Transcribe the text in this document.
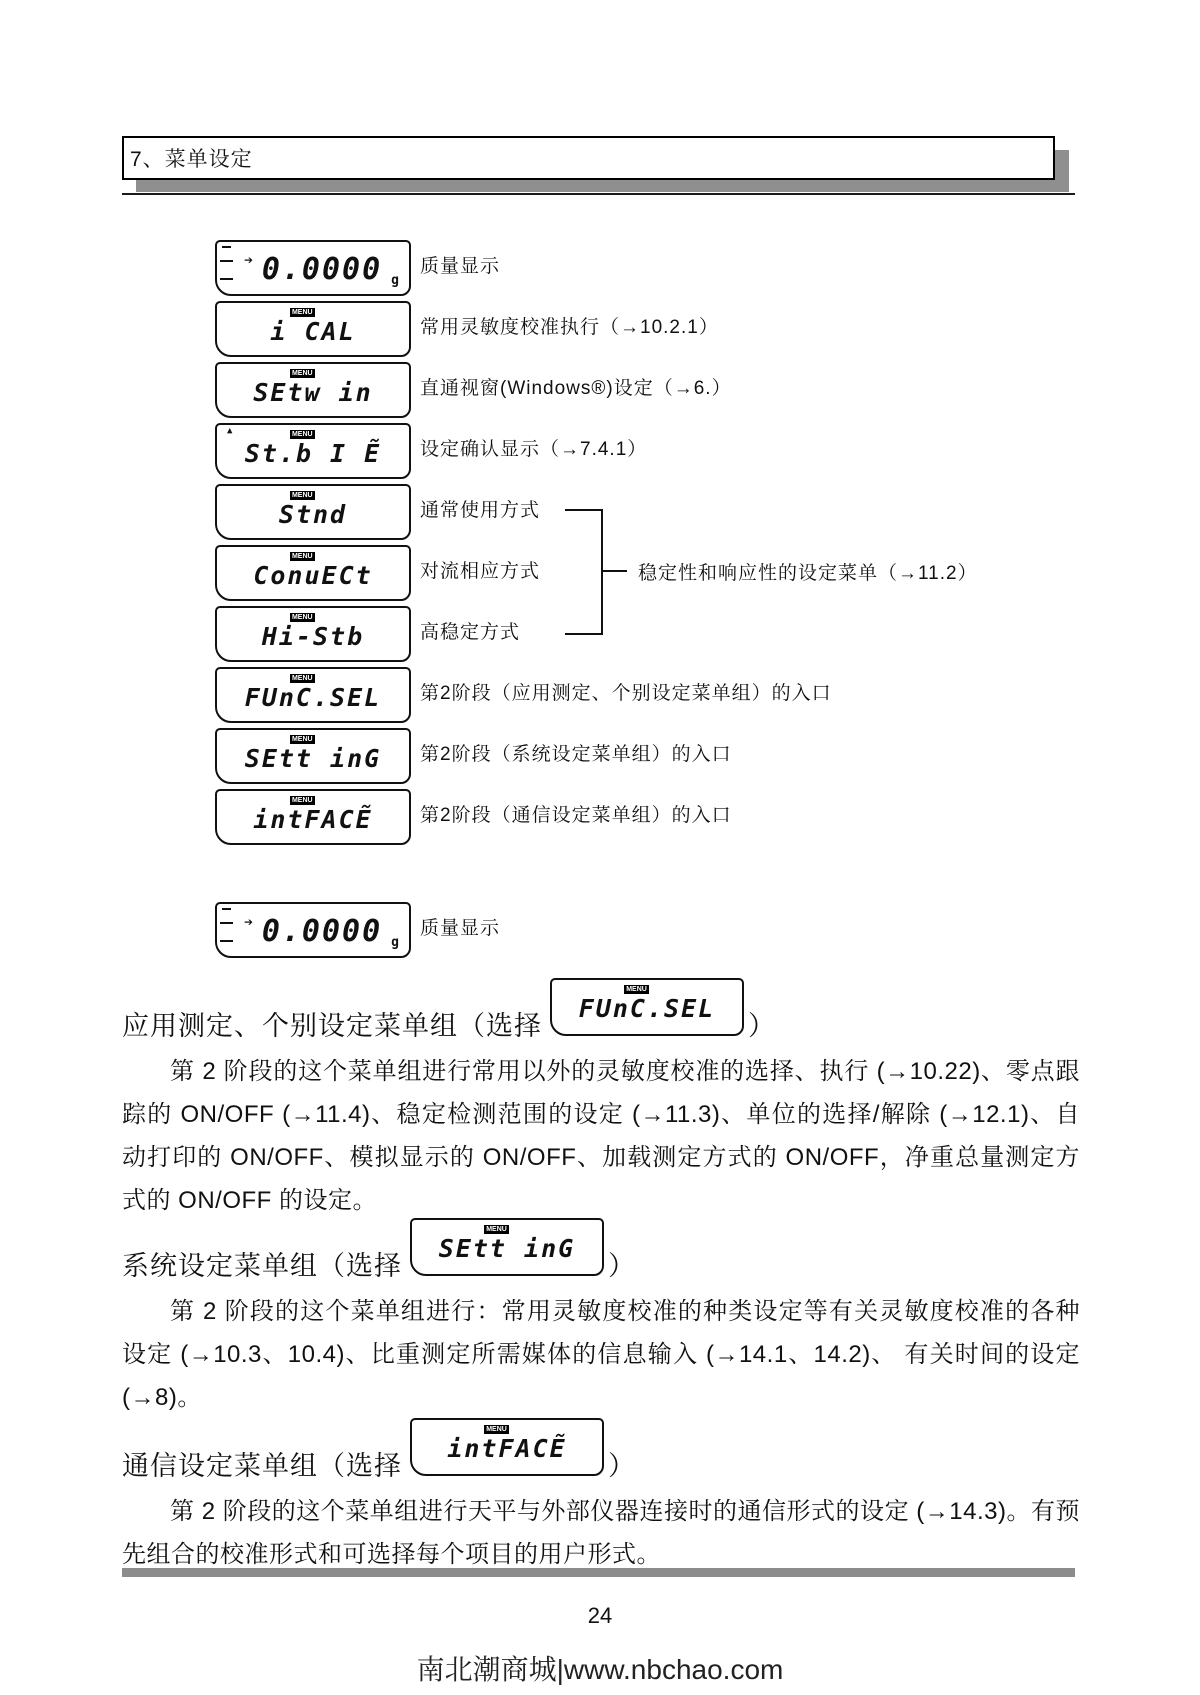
7、菜单设定
➔ 0.0000 g
质量显示
MENU
i CAL	常用灵敏度校准执行（→10.2.1）
MENU
SEtw in	直通视窗(Windows®)设定（→6.）
▲	MENU
St.b I Ẽ	设定确认显示（→7.4.1）
MENU
Stnd	通常使用方式
MENU
ConuECt	对流相应方式
MENU
Hi-Stb	高稳定方式
MENU
FUnC.SEL	第2阶段（应用测定、个别设定菜单组）的入口
MENU
SEtt inG	第2阶段（系统设定菜单组）的入口
MENU
intFACẼ	第2阶段（通信设定菜单组）的入口
➔ 0.0000 g
质量显示
稳定性和响应性的设定菜单（→11.2）
应用测定、个别设定菜单组（选择
MENU
FUnC.SEL
）
第 2 阶段的这个菜单组进行常用以外的灵敏度校准的选择、执行 (→10.22)、零点跟踪的 ON/OFF (→11.4)、稳定检测范围的设定 (→11.3)、单位的选择/解除 (→12.1)、自动打印的 ON/OFF、模拟显示的 ON/OFF、加载测定方式的 ON/OFF，净重总量测定方式的 ON/OFF 的设定。
系统设定菜单组（选择
MENU
SEtt inG
）
第 2 阶段的这个菜单组进行：常用灵敏度校准的种类设定等有关灵敏度校准的各种设定 (→10.3、10.4)、比重测定所需媒体的信息输入 (→14.1、14.2)、 有关时间的设定 (→8)。
通信设定菜单组（选择
MENU
intFACẼ
）
第 2 阶段的这个菜单组进行天平与外部仪器连接时的通信形式的设定 (→14.3)。有预先组合的校准形式和可选择每个项目的用户形式。
24
南北潮商城|www.nbchao.com
